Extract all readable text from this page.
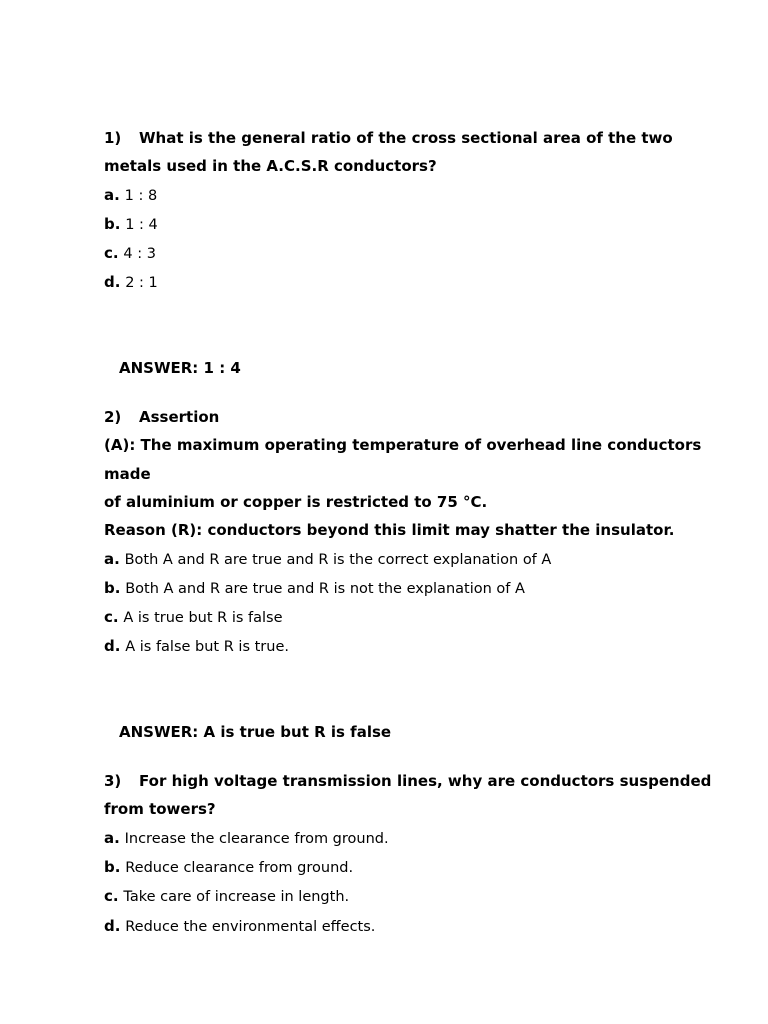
1) What is the general ratio of the cross sectional area of the two
metals used in the A.C.S.R conductors?
a. 1 : 8
b. 1 : 4
c. 4 : 3
d. 2 : 1
ANSWER: 1 : 4
2) Assertion
(A): The maximum operating temperature of overhead line conductors
made
of aluminium or copper is restricted to 75 °C.
Reason (R): conductors beyond this limit may shatter the insulator.
a. Both A and R are true and R is the correct explanation of A
b. Both A and R are true and R is not the explanation of A
c. A is true but R is false
d. A is false but R is true.
ANSWER: A is true but R is false
3) For high voltage transmission lines, why are conductors suspended
from towers?
a. Increase the clearance from ground.
b. Reduce clearance from ground.
c. Take care of increase in length.
d. Reduce the environmental effects.
